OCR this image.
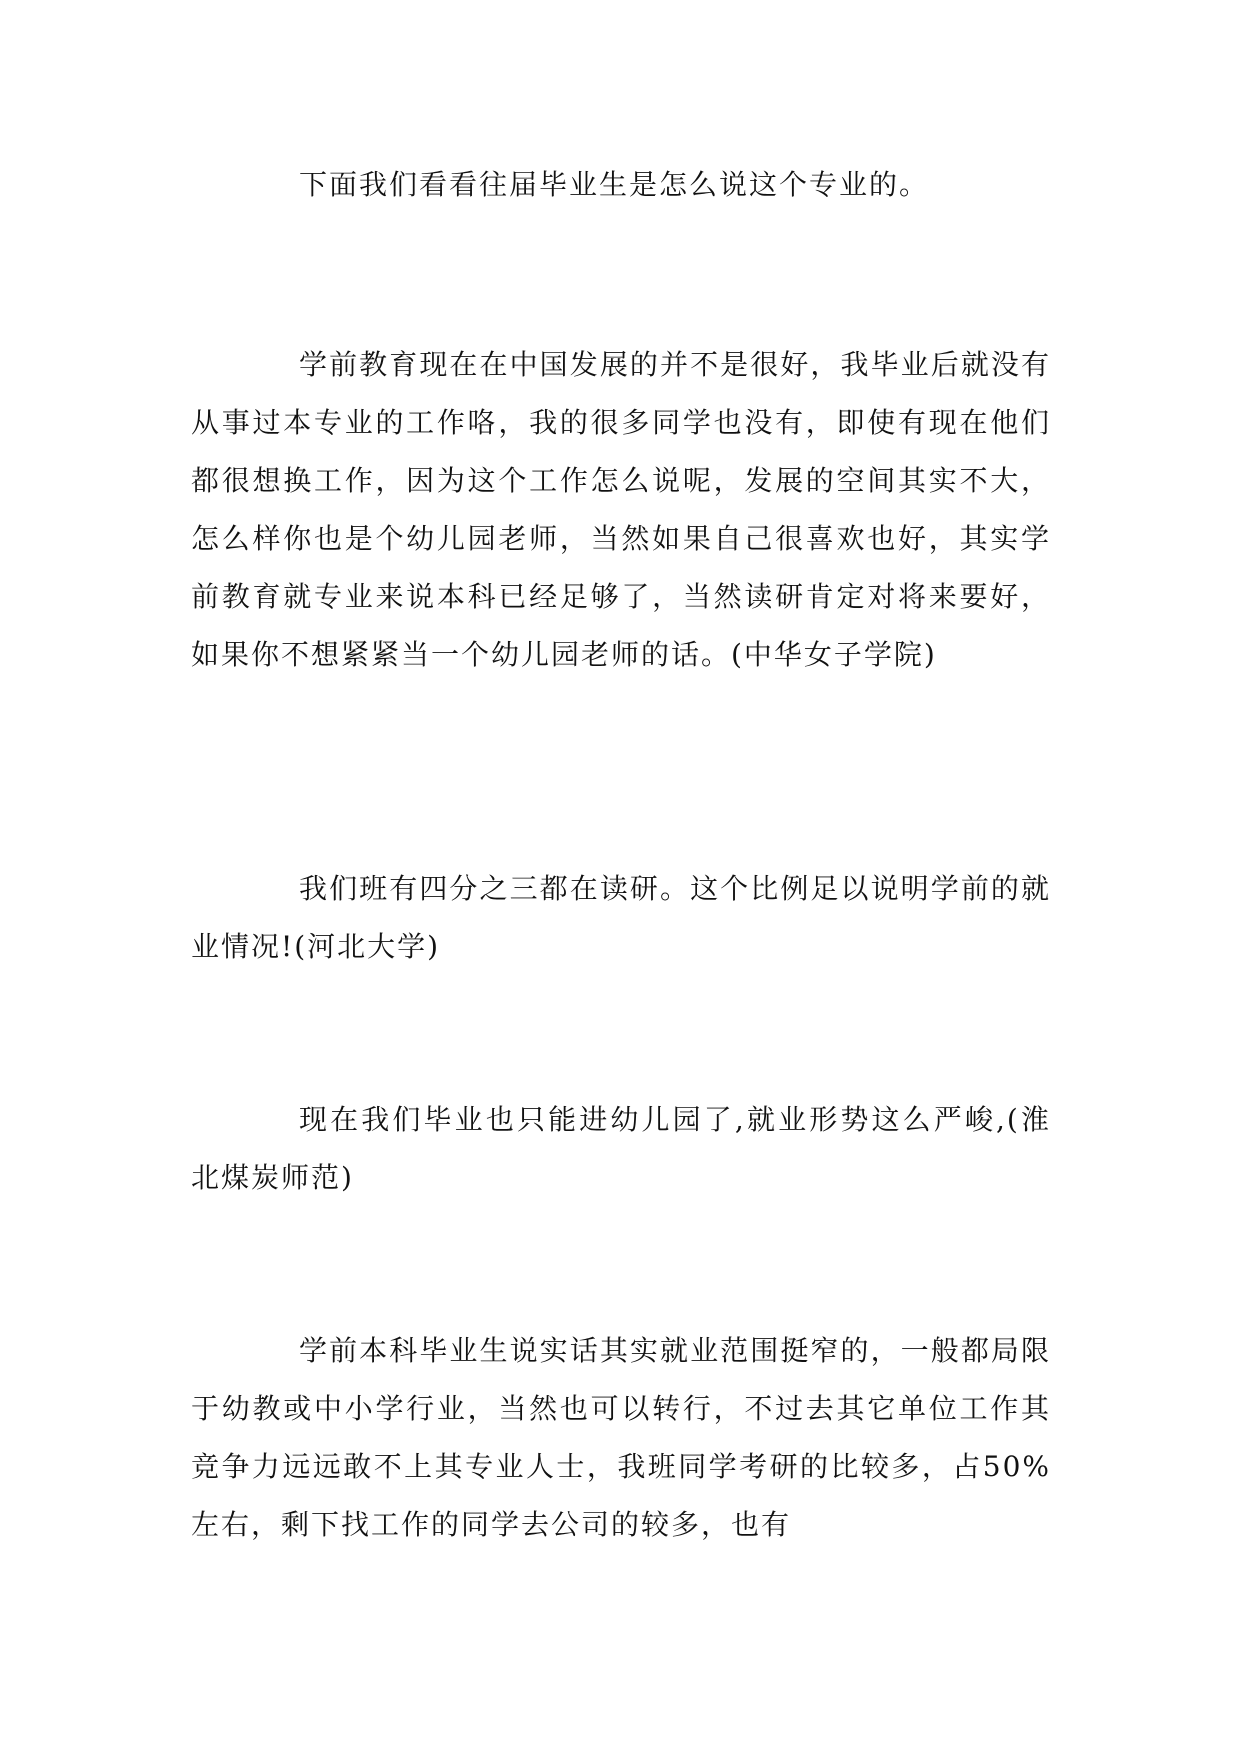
下面我们看看往届毕业生是怎么说这个专业的。

学前教育现在在中国发展的并不是很好，我毕业后就没有从事过本专业的工作咯，我的很多同学也没有，即使有现在他们都很想换工作，因为这个工作怎么说呢，发展的空间其实不大，怎么样你也是个幼儿园老师，当然如果自己很喜欢也好，其实学前教育就专业来说本科已经足够了，当然读研肯定对将来要好，如果你不想紧紧当一个幼儿园老师的话。(中华女子学院)

我们班有四分之三都在读研。这个比例足以说明学前的就业情况!(河北大学)

现在我们毕业也只能进幼儿园了,就业形势这么严峻,(淮北煤炭师范)

学前本科毕业生说实话其实就业范围挺窄的，一般都局限于幼教或中小学行业，当然也可以转行，不过去其它单位工作其竞争力远远敢不上其专业人士，我班同学考研的比较多，占50%左右，剩下找工作的同学去公司的较多，也有
